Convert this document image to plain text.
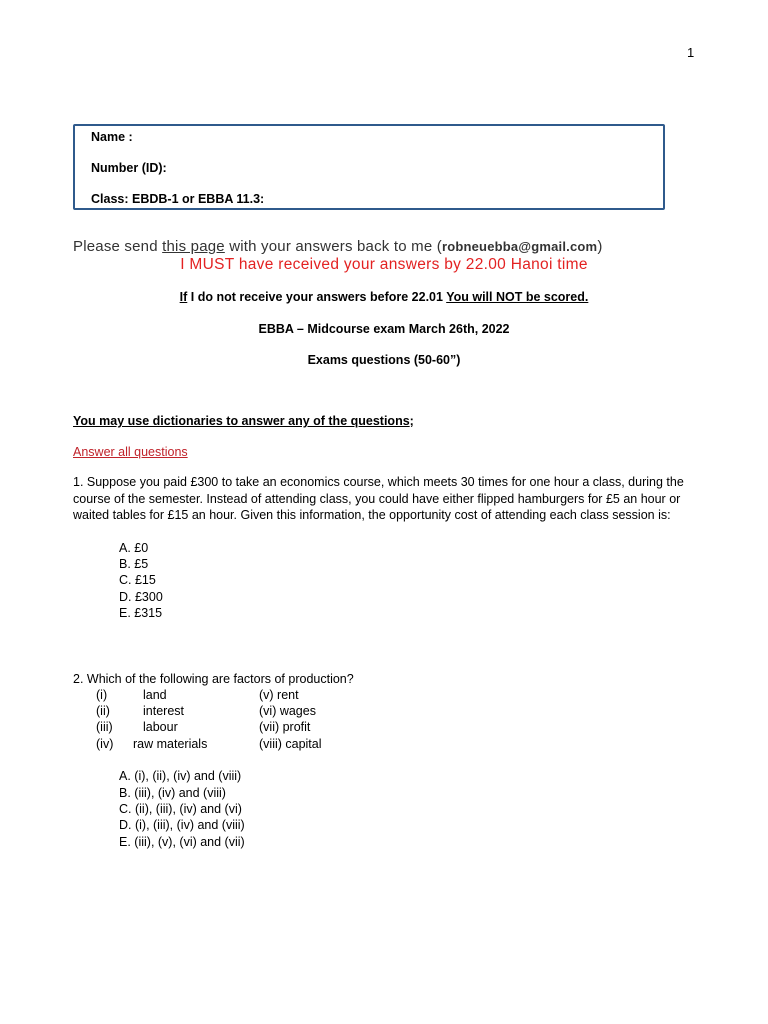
1
Name :
Number (ID):
Class: EBDB-1 or EBBA 11.3:
Please send this page with your answers back to me (robneuebba@gmail.com)
I MUST have received your answers by 22.00 Hanoi time
If I do not receive your answers before 22.01 You will NOT be scored.
EBBA – Midcourse exam March 26th, 2022
Exams questions (50-60”)
You may use dictionaries to answer any of the questions;
Answer all questions
1. Suppose you paid £300 to take an economics course, which meets 30 times for one hour a class, during the course of the semester. Instead of attending class, you could have either flipped hamburgers for £5 an hour or waited tables for £15 an hour. Given this information, the opportunity cost of attending each class session is:
A. £0
B. £5
C. £15
D. £300
E. £315
2. Which of the following are factors of production?
(i)	land	(v) rent
(ii)	interest	(vi) wages
(iii) labour	(vii) profit
(iv) raw materials	(viii) capital
A. (i), (ii), (iv) and (viii)
B. (iii), (iv) and (viii)
C. (ii), (iii), (iv) and (vi)
D. (i), (iii), (iv) and (viii)
E. (iii), (v), (vi) and (vii)
